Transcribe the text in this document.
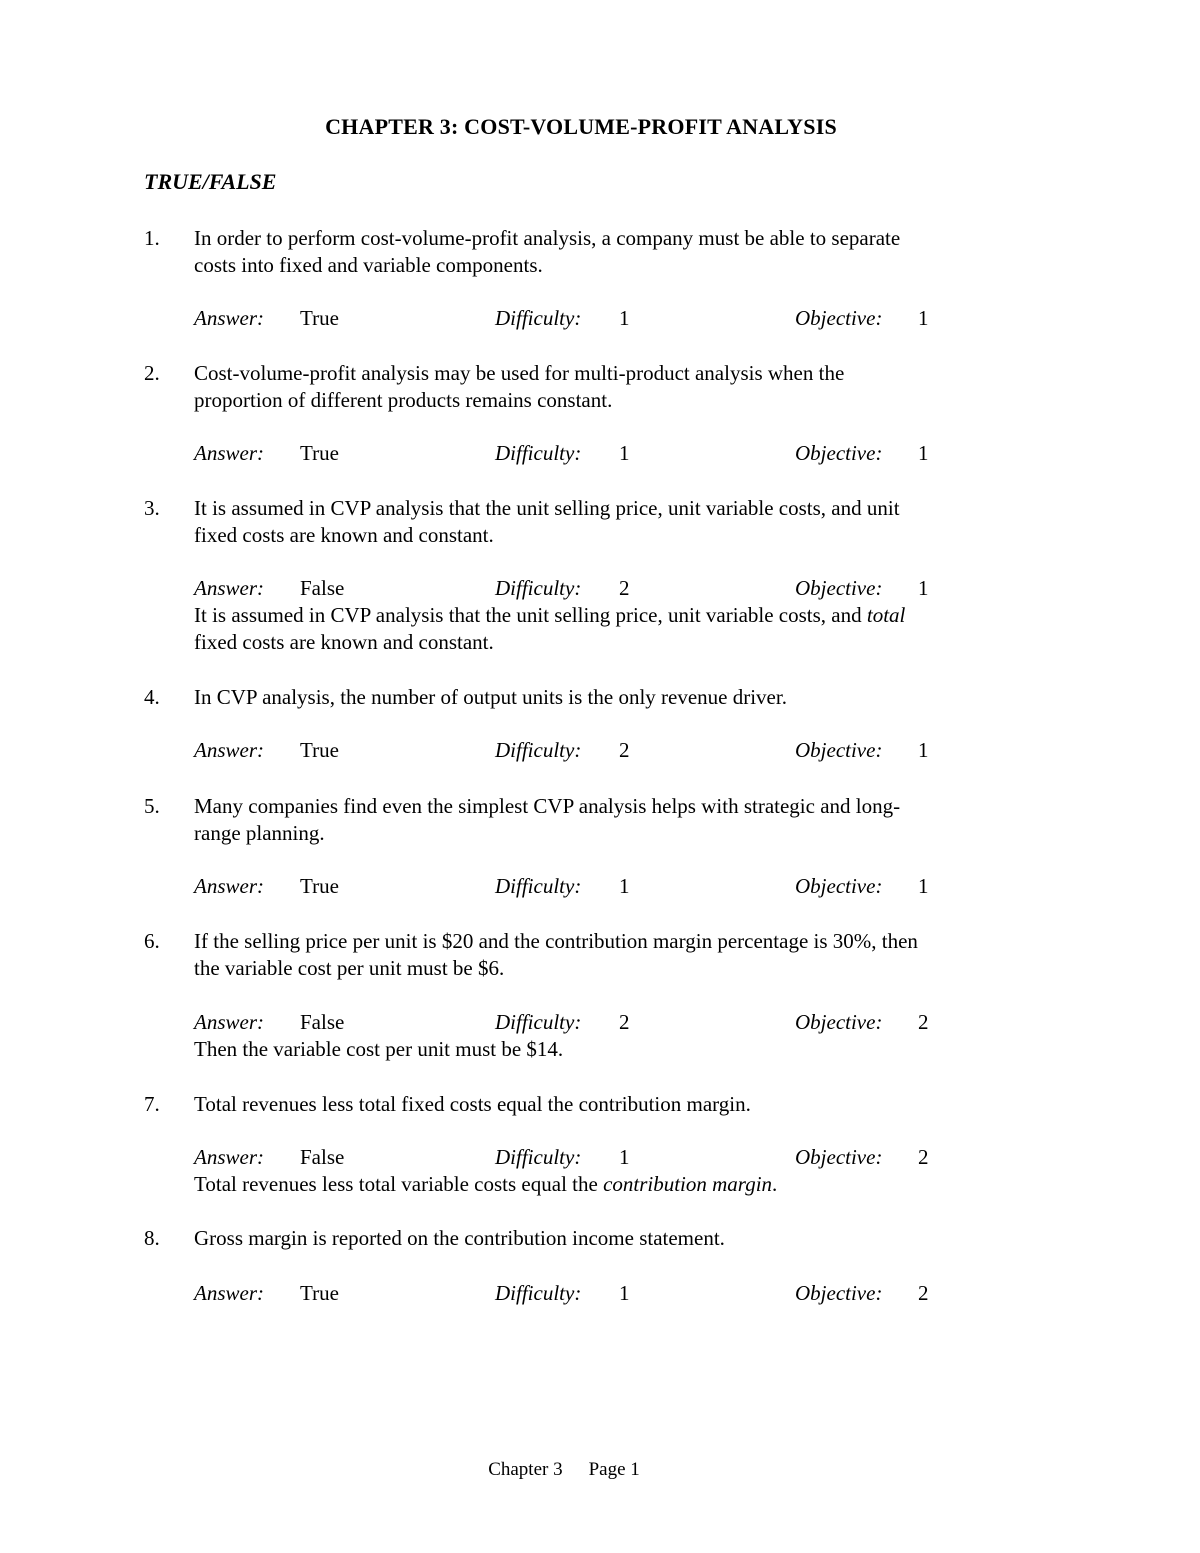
CHAPTER 3: COST-VOLUME-PROFIT ANALYSIS
TRUE/FALSE
1. In order to perform cost-volume-profit analysis, a company must be able to separate
costs into fixed and variable components.
Answer: True	Difficulty: 1	Objective: 1
2. Cost-volume-profit analysis may be used for multi-product analysis when the
proportion of different products remains constant.
Answer: True	Difficulty: 1	Objective: 1
3. It is assumed in CVP analysis that the unit selling price, unit variable costs, and unit
fixed costs are known and constant.
Answer: False	Difficulty: 2	Objective: 1
It is assumed in CVP analysis that the unit selling price, unit variable costs, and total
fixed costs are known and constant.
4. In CVP analysis, the number of output units is the only revenue driver.
Answer: True	Difficulty: 2	Objective: 1
5. Many companies find even the simplest CVP analysis helps with strategic and long-
range planning.
Answer: True	Difficulty: 1	Objective: 1
6. If the selling price per unit is $20 and the contribution margin percentage is 30%, then
the variable cost per unit must be $6.
Answer: False	Difficulty: 2	Objective: 2
Then the variable cost per unit must be $14.
7. Total revenues less total fixed costs equal the contribution margin.
Answer: False	Difficulty: 1	Objective: 2
Total revenues less total variable costs equal the contribution margin.
8. Gross margin is reported on the contribution income statement.
Answer: True	Difficulty: 1	Objective: 2
Chapter 3 Page 1
